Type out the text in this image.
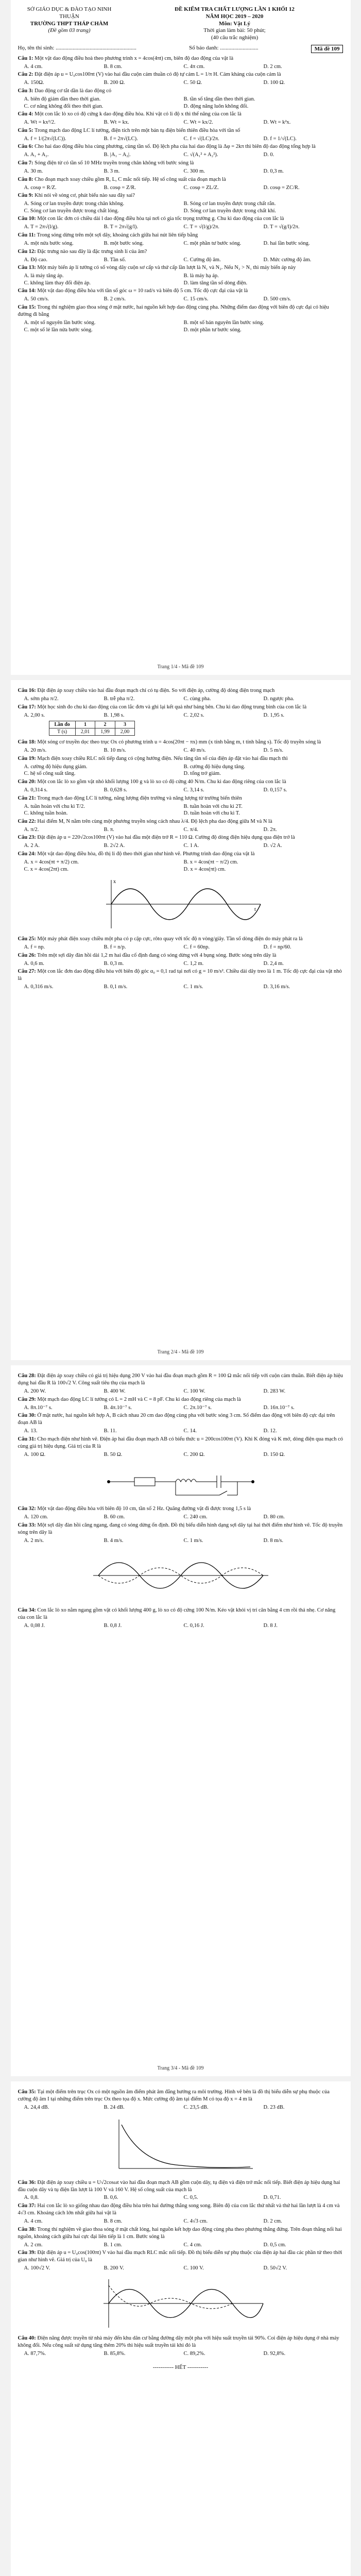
SỞ GIÁO DỤC & ĐÀO TẠO NINH THUẬN
TRƯỜNG THPT THÁP CHÀM
(Đề gồm 03 trang)
ĐỀ KIỂM TRA CHẤT LƯỢNG LẦN 1 KHỐI 12
NĂM HỌC 2019 – 2020
Môn: Vật Lý
Thời gian làm bài: 50 phút;
(40 câu trắc nghiệm)
Họ, tên thí sinh: .........................................................	Số báo danh: ...........................	Mã đề 109
Câu 1: Một vật dao động điều hoà theo phương trình x = 4cos(4πt) cm, biên độ dao động của vật là
A. 4 cm.	B. 8 cm.	C. 4π cm.	D. 2 cm.
Câu 2: Đặt điện áp u = U₀cos100πt (V) vào hai đầu cuộn cảm thuần có độ tự cảm L = 1/π H. Cảm kháng của cuộn cảm là
A. 150Ω.	B. 200 Ω.	C. 50 Ω.	D. 100 Ω.
Câu 3: Dao động cơ tắt dần là dao động có
A. biên độ giảm dần theo thời gian.	B. tần số tăng dần theo thời gian.
C. cơ năng không đổi theo thời gian.	D. động năng luôn không đổi.
Câu 4: Một con lắc lò xo có độ cứng k dao động điều hòa. Khi vật có li độ x thì thế năng của con lắc là
A. Wt = kx²/2.	B. Wt = kx.	C. Wt = kx/2.	D. Wt = k²x.
Câu 5: Trong mạch dao động LC lí tưởng, điện tích trên một bản tụ điện biến thiên điều hòa với tần số
A. f = 1/(2π√(LC)).	B. f = 2π√(LC).	C. f = √(LC)/2π.	D. f = 1/√(LC).
Câu 6: Cho hai dao động điều hòa cùng phương, cùng tần số. Độ lệch pha của hai dao động là Δφ = 2kπ thì biên độ dao động tổng hợp là
A. A₁ + A₂.	B. |A₁ − A₂|.	C. √(A₁² + A₂²).	D. 0.
Câu 7: Sóng điện từ có tần số 10 MHz truyền trong chân không với bước sóng là
A. 30 m.	B. 3 m.	C. 300 m.	D. 0,3 m.
Câu 8: Cho đoạn mạch xoay chiều gồm R, L, C mắc nối tiếp. Hệ số công suất của đoạn mạch là
A. cosφ = R/Z.	B. cosφ = Z/R.	C. cosφ = ZL/Z.	D. cosφ = ZC/R.
Câu 9: Khi nói về sóng cơ, phát biểu nào sau đây sai?
A. Sóng cơ lan truyền được trong chân không.	B. Sóng cơ lan truyền được trong chất rắn.
C. Sóng cơ lan truyền được trong chất lỏng.	D. Sóng cơ lan truyền được trong chất khí.
Câu 10: Một con lắc đơn có chiều dài l dao động điều hòa tại nơi có gia tốc trọng trường g. Chu kì dao động của con lắc là
A. T = 2π√(l/g).	B. T = 2π√(g/l).	C. T = √(l/g)/2π.	D. T = √(g/l)/2π.
Câu 11: Trong sóng dừng trên một sợi dây, khoảng cách giữa hai nút liên tiếp bằng
A. một nửa bước sóng.	B. một bước sóng.	C. một phần tư bước sóng.	D. hai lần bước sóng.
Câu 12: Đặc trưng nào sau đây là đặc trưng sinh lí của âm?
A. Độ cao.	B. Tần số.	C. Cường độ âm.	D. Mức cường độ âm.
Câu 13: Một máy biến áp lí tưởng có số vòng dây cuộn sơ cấp và thứ cấp lần lượt là N₁ và N₂. Nếu N₂ > N₁ thì máy biến áp này
A. là máy tăng áp.	B. là máy hạ áp.
C. không làm thay đổi điện áp.	D. làm tăng tần số dòng điện.
Câu 14: Một vật dao động điều hòa với tần số góc ω = 10 rad/s và biên độ 5 cm. Tốc độ cực đại của vật là
A. 50 cm/s.	B. 2 cm/s.	C. 15 cm/s.	D. 500 cm/s.
Câu 15: Trong thí nghiệm giao thoa sóng ở mặt nước, hai nguồn kết hợp dao động cùng pha. Những điểm dao động với biên độ cực đại có hiệu đường đi bằng
A. một số nguyên lần bước sóng.	B. một số bán nguyên lần bước sóng.
C. một số lẻ lần nửa bước sóng.	D. một phần tư bước sóng.
Trang 1/4 - Mã đề 109
Câu 16: Đặt điện áp xoay chiều vào hai đầu đoạn mạch chỉ có tụ điện. So với điện áp, cường độ dòng điện trong mạch
A. sớm pha π/2.	B. trễ pha π/2.	C. cùng pha.	D. ngược pha.
Câu 17: Một học sinh đo chu kì dao động của con lắc đơn và ghi lại kết quả như bảng bên. Chu kì dao động trung bình của con lắc là
A. 2,00 s.	B. 1,98 s.	C. 2,02 s.	D. 1,95 s.
Lần đo	1	2	3
T (s)	2,01	1,99	2,00
Câu 18: Một sóng cơ truyền dọc theo trục Ox có phương trình u = 4cos(20πt − πx) mm (x tính bằng m, t tính bằng s). Tốc độ truyền sóng là
A. 20 m/s.	B. 10 m/s.	C. 40 m/s.	D. 5 m/s.
Câu 19: Mạch điện xoay chiều RLC nối tiếp đang có cộng hưởng điện. Nếu tăng tần số của điện áp đặt vào hai đầu mạch thì
A. cường độ hiệu dụng giảm.	B. cường độ hiệu dụng tăng.
C. hệ số công suất tăng.	D. tổng trở giảm.
Câu 20: Một con lắc lò xo gồm vật nhỏ khối lượng 100 g và lò xo có độ cứng 40 N/m. Chu kì dao động riêng của con lắc là
A. 0,314 s.	B. 0,628 s.	C. 3,14 s.	D. 0,157 s.
Câu 21: Trong mạch dao động LC lí tưởng, năng lượng điện trường và năng lượng từ trường biến thiên
A. tuần hoàn với chu kì T/2.	B. tuần hoàn với chu kì 2T.
C. không tuần hoàn.	D. tuần hoàn với chu kì T.
Câu 22: Hai điểm M, N nằm trên cùng một phương truyền sóng cách nhau λ/4. Độ lệch pha dao động giữa M và N là
A. π/2.	B. π.	C. π/4.	D. 2π.
Câu 23: Đặt điện áp u = 220√2cos100πt (V) vào hai đầu một điện trở R = 110 Ω. Cường độ dòng điện hiệu dụng qua điện trở là
A. 2 A.	B. 2√2 A.	C. 1 A.	D. √2 A.
Câu 24: Một vật dao động điều hòa, đồ thị li độ theo thời gian như hình vẽ. Phương trình dao động của vật là
A. x = 4cos(πt + π/2) cm.	B. x = 4cos(πt − π/2) cm.
C. x = 4cos(2πt) cm.	D. x = 4cos(πt) cm.
t
x
Câu 25: Một máy phát điện xoay chiều một pha có p cặp cực, rôto quay với tốc độ n vòng/giây. Tần số dòng điện do máy phát ra là
A. f = np.	B. f = n/p.	C. f = 60np.	D. f = np/60.
Câu 26: Trên một sợi dây đàn hồi dài 1,2 m hai đầu cố định đang có sóng dừng với 4 bụng sóng. Bước sóng trên dây là
A. 0,6 m.	B. 0,3 m.	C. 1,2 m.	D. 2,4 m.
Câu 27: Một con lắc đơn dao động điều hòa với biên độ góc α₀ = 0,1 rad tại nơi có g = 10 m/s². Chiều dài dây treo là 1 m. Tốc độ cực đại của vật nhỏ là
A. 0,316 m/s.	B. 0,1 m/s.	C. 1 m/s.	D. 3,16 m/s.
Trang 2/4 - Mã đề 109
Câu 28: Đặt điện áp xoay chiều có giá trị hiệu dụng 200 V vào hai đầu đoạn mạch gồm R = 100 Ω mắc nối tiếp với cuộn cảm thuần. Biết điện áp hiệu dụng hai đầu R là 100√2 V. Công suất tiêu thụ của mạch là
A. 200 W.	B. 400 W.	C. 100 W.	D. 283 W.
Câu 29: Một mạch dao động LC lí tưởng có L = 2 mH và C = 8 pF. Chu kì dao động riêng của mạch là
A. 8π.10⁻⁷ s.	B. 4π.10⁻⁷ s.	C. 2π.10⁻⁷ s.	D. 16π.10⁻⁷ s.
Câu 30: Ở mặt nước, hai nguồn kết hợp A, B cách nhau 20 cm dao động cùng pha với bước sóng 3 cm. Số điểm dao động với biên độ cực đại trên đoạn AB là
A. 13.	B. 11.	C. 14.	D. 12.
Câu 31: Cho mạch điện như hình vẽ. Điện áp hai đầu đoạn mạch AB có biểu thức u = 200cos100πt (V). Khi K đóng và K mở, dòng điện qua mạch có cùng giá trị hiệu dụng. Giá trị của R là
A. 100 Ω.	B. 50 Ω.	C. 200 Ω.	D. 150 Ω.
Câu 32: Một vật dao động điều hòa với biên độ 10 cm, tần số 2 Hz. Quãng đường vật đi được trong 1,5 s là
A. 120 cm.	B. 60 cm.	C. 240 cm.	D. 80 cm.
Câu 33: Một sợi dây đàn hồi căng ngang, đang có sóng dừng ổn định. Đồ thị biểu diễn hình dạng sợi dây tại hai thời điểm như hình vẽ. Tốc độ truyền sóng trên dây là
A. 2 m/s.	B. 4 m/s.	C. 1 m/s.	D. 8 m/s.
Câu 34: Con lắc lò xo nằm ngang gồm vật có khối lượng 400 g, lò xo có độ cứng 100 N/m. Kéo vật khỏi vị trí cân bằng 4 cm rồi thả nhẹ. Cơ năng của con lắc là
A. 0,08 J.	B. 0,8 J.	C. 0,16 J.	D. 8 J.
Trang 3/4 - Mã đề 109
Câu 35: Tại một điểm trên trục Ox có một nguồn âm điểm phát âm đẳng hướng ra môi trường. Hình vẽ bên là đồ thị biểu diễn sự phụ thuộc của cường độ âm I tại những điểm trên trục Ox theo tọa độ x. Mức cường độ âm tại điểm M có tọa độ x = 4 m là
A. 24,4 dB.	B. 24 dB.	C. 23,5 dB.	D. 23 dB.
Câu 36: Đặt điện áp xoay chiều u = U√2cosωt vào hai đầu đoạn mạch AB gồm cuộn dây, tụ điện và điện trở mắc nối tiếp. Biết điện áp hiệu dụng hai đầu cuộn dây và tụ điện lần lượt là 100 V và 160 V. Hệ số công suất của mạch là
A. 0,8.	B. 0,6.	C. 0,5.	D. 0,71.
Câu 37: Hai con lắc lò xo giống nhau dao động điều hòa trên hai đường thẳng song song. Biên độ của con lắc thứ nhất và thứ hai lần lượt là 4 cm và 4√3 cm. Khoảng cách lớn nhất giữa hai vật là
A. 4 cm.	B. 8 cm.	C. 4√3 cm.	D. 2 cm.
Câu 38: Trong thí nghiệm về giao thoa sóng ở mặt chất lỏng, hai nguồn kết hợp dao động cùng pha theo phương thẳng đứng. Trên đoạn thẳng nối hai nguồn, khoảng cách giữa hai cực đại liên tiếp là 1 cm. Bước sóng là
A. 2 cm.	B. 1 cm.	C. 4 cm.	D. 0,5 cm.
Câu 39: Đặt điện áp u = U₀cos(100πt) V vào hai đầu mạch RLC mắc nối tiếp. Đồ thị biểu diễn sự phụ thuộc của điện áp hai đầu các phần tử theo thời gian như hình vẽ. Giá trị của U₀ là
A. 100√2 V.	B. 200 V.	C. 100 V.	D. 50√2 V.
Câu 40: Điện năng được truyền từ nhà máy đến khu dân cư bằng đường dây một pha với hiệu suất truyền tải 90%. Coi điện áp hiệu dụng ở nhà máy không đổi. Nếu công suất sử dụng tăng thêm 20% thì hiệu suất truyền tải khi đó là
A. 87,7%.	B. 85,8%.	C. 89,2%.	D. 92,8%.
----------- HẾT -----------
